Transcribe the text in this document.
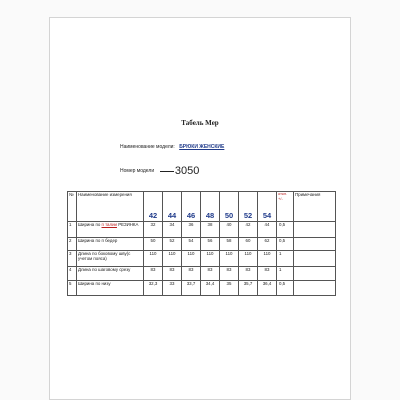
Табель Мер
Наименование модели: БРЮКИ ЖЕНСКИЕ
Номер модели 3050
№	Наименование измерения	42	44	46	48	50	52	54	откл. +/-	Примечания
1	Ширина по п талии РЕЗИНКА	32	34	36	38	40	42	44	0,5	
2	Ширина по п бедер	50	52	54	56	58	60	62	0,5	
3	Длина по боковому шву(с учетом пояса)	110	110	110	110	110	110	110	1	
4	Длина по шаговому срезу	83	83	83	83	83	83	83	1	
5	Ширина по низу	32,3	33	33,7	34,4	35	35,7	36,4	0,5	
